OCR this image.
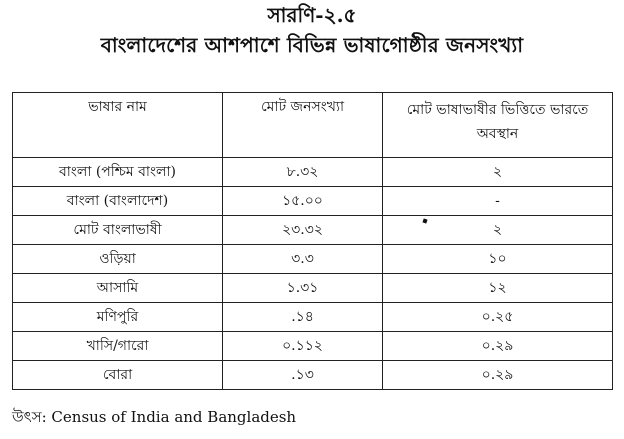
সারণি-২.৫
বাংলাদেশের আশপাশে বিভিন্ন ভাষাগোষ্ঠীর জনসংখ্যা
ভাষার নাম	মোট জনসংখ্যা	মোট ভাষাভাষীর ভিত্তিতে ভারতে অবস্থান

বাংলা (পশ্চিম বাংলা)	৮.৩২	২
বাংলা (বাংলাদেশ)	১৫.০০	-
মোট বাংলাভাষী	২৩.৩২	২
ওড়িয়া	৩.৩	১০
আসামি	১.৩১	১২
মণিপুরি	.১৪	০.২৫
খাসি/গারো	০.১১২	০.২৯
বোরা	.১৩	০.২৯
উৎস: Census of India and Bangladesh
